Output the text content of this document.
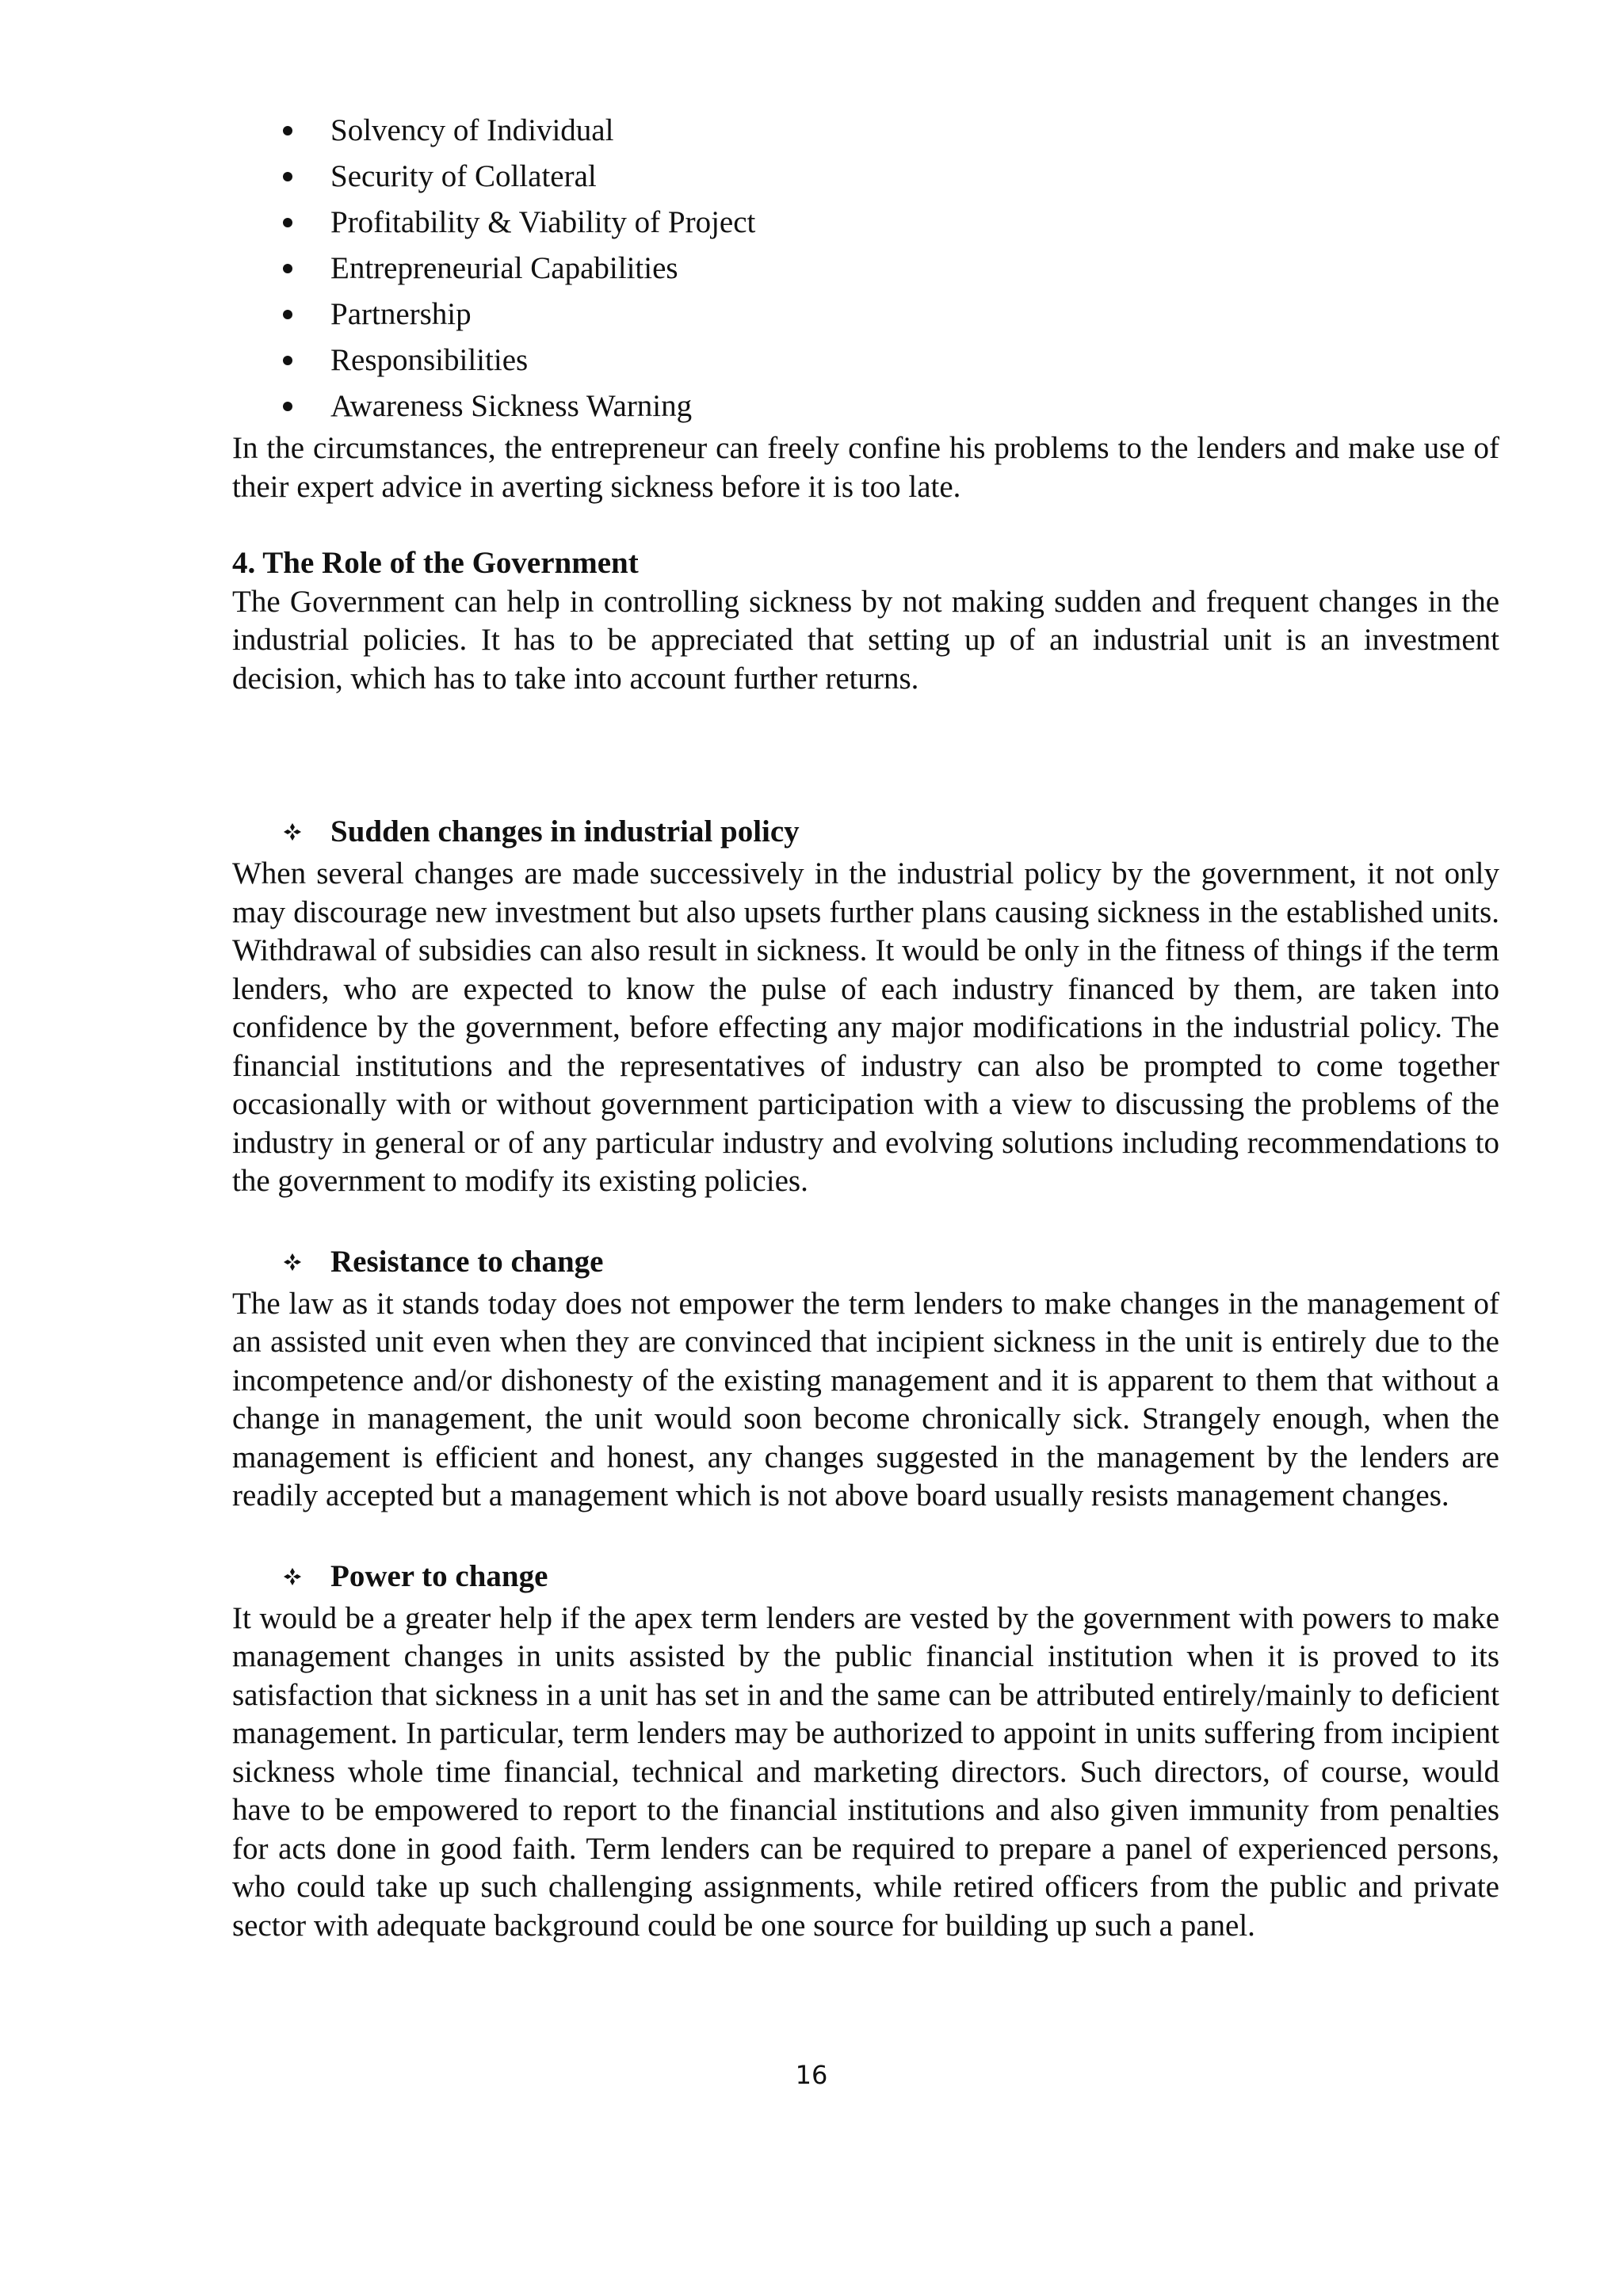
Solvency of Individual
Security of Collateral
Profitability & Viability of Project
Entrepreneurial Capabilities
Partnership
Responsibilities
Awareness Sickness Warning

In the circumstances, the entrepreneur can freely confine his problems to the lenders and make use of their expert advice in averting sickness before it is too late.

4. The Role of the Government

The Government can help in controlling sickness by not making sudden and frequent changes in the industrial policies. It has to be appreciated that setting up of an industrial unit is an investment decision, which has to take into account further returns.

Sudden changes in industrial policy

When several changes are made successively in the industrial policy by the government, it not only may discourage new investment but also upsets further plans causing sickness in the established units. Withdrawal of subsidies can also result in sickness. It would be only in the fitness of things if the term lenders, who are expected to know the pulse of each industry financed by them, are taken into confidence by the government, before effecting any major modifications in the industrial policy. The financial institutions and the representatives of industry can also be prompted to come together occasionally with or without government participation with a view to discussing the problems of the industry in general or of any particular industry and evolving solutions including recommendations to the government to modify its existing policies.

Resistance to change

The law as it stands today does not empower the term lenders to make changes in the management of an assisted unit even when they are convinced that incipient sickness in the unit is entirely due to the incompetence and/or dishonesty of the existing management and it is apparent to them that without a change in management, the unit would soon become chronically sick. Strangely enough, when the management is efficient and honest, any changes suggested in the management by the lenders are readily accepted but a management which is not above board usually resists management changes.

Power to change

It would be a greater help if the apex term lenders are vested by the government with powers to make management changes in units assisted by the public financial institution when it is proved to its satisfaction that sickness in a unit has set in and the same can be attributed entirely/mainly to deficient management. In particular, term lenders may be authorized to appoint in units suffering from incipient sickness whole time financial, technical and marketing directors. Such directors, of course, would have to be empowered to report to the financial institutions and also given immunity from penalties for acts done in good faith. Term lenders can be required to prepare a panel of experienced persons, who could take up such challenging assignments, while retired officers from the public and private sector with adequate background could be one source for building up such a panel.

16
